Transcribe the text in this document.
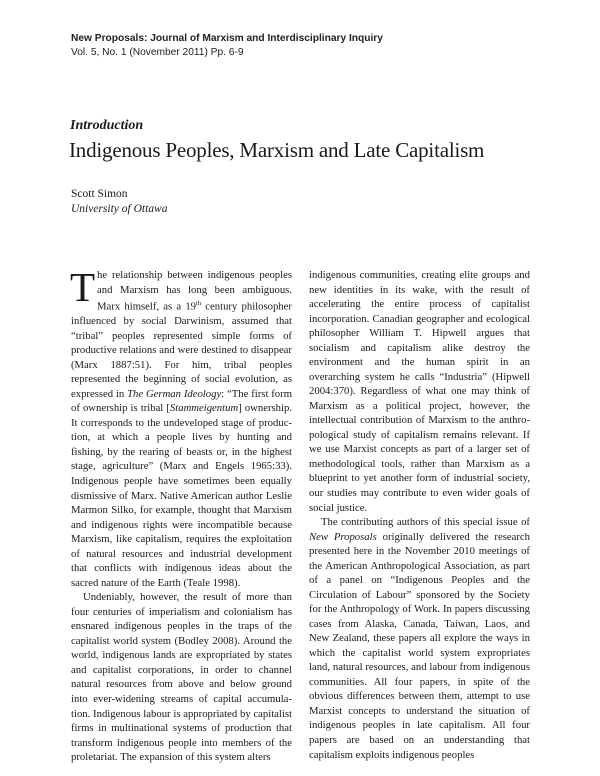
New Proposals: Journal of Marxism and Interdisciplinary Inquiry
Vol. 5, No. 1 (November 2011) Pp. 6-9
Introduction
Indigenous Peoples, Marxism and Late Capitalism
Scott Simon
University of Ottawa

The relationship between indigenous peoples and Marxism has long been ambiguous. Marx himself, as a 19th century philosopher influenced by social Darwinism, assumed that “tribal” peoples represented simple forms of productive relations and were destined to disappear (Marx 1887:51). For him, tribal peoples represented the beginning of social evolution, as expressed in The German Ideology: “The first form of ownership is tribal [Stammeigentum] ownership. It corresponds to the undeveloped stage of production, at which a people lives by hunting and fishing, by the rearing of beasts or, in the highest stage, agriculture” (Marx and Engels 1965:33). Indigenous people have sometimes been equally dismissive of Marx. Native American author Leslie Marmon Silko, for example, thought that Marxism and indigenous rights were incompatible because Marxism, like capitalism, requires the exploitation of natural resources and industrial development that conflicts with indigenous ideas about the sacred nature of the Earth (Teale 1998).

Undeniably, however, the result of more than four centuries of imperialism and colonialism has ensnared indigenous peoples in the traps of the capitalist world system (Bodley 2008). Around the world, indigenous lands are expropriated by states and capitalist corporations, in order to channel natural resources from above and below ground into ever-widening streams of capital accumulation. Indigenous labour is appropriated by capitalist firms in multinational systems of production that transform indigenous people into members of the proletariat. The expansion of this system alters

indigenous communities, creating elite groups and new identities in its wake, with the result of accelerating the entire process of capitalist incorporation. Canadian geographer and ecological philosopher William T. Hipwell argues that socialism and capitalism alike destroy the environment and the human spirit in an overarching system he calls “Industria” (Hipwell 2004:370). Regardless of what one may think of Marxism as a political project, however, the intellectual contribution of Marxism to the anthropological study of capitalism remains relevant. If we use Marxist concepts as part of a larger set of methodological tools, rather than Marxism as a blueprint to yet another form of industrial society, our studies may contribute to even wider goals of social justice.

The contributing authors of this special issue of New Proposals originally delivered the research presented here in the November 2010 meetings of the American Anthropological Association, as part of a panel on “Indigenous Peoples and the Circulation of Labour” sponsored by the Society for the Anthropology of Work. In papers discussing cases from Alaska, Canada, Taiwan, Laos, and New Zealand, these papers all explore the ways in which the capitalist world system expropriates land, natural resources, and labour from indigenous communities. All four papers, in spite of the obvious differences between them, attempt to use Marxist concepts to understand the situation of indigenous peoples in late capitalism. All four papers are based on an understanding that capitalism exploits indigenous peoples
